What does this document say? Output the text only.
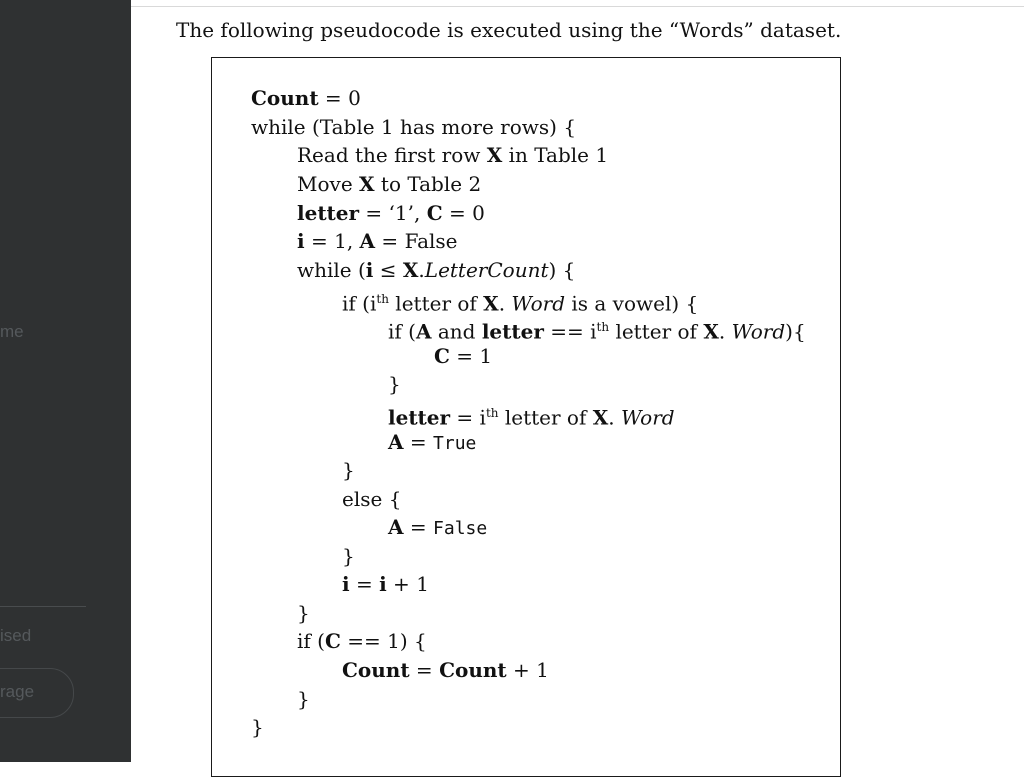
me
ised
rage
The following pseudocode is executed using the “Words” dataset.
Count = 0
while (Table 1 has more rows) {
Read the first row X in Table 1
Move X to Table 2
letter = ‘1’, C = 0
i = 1, A = False
while (i ≤ X.LetterCount) {
if ($i^{th}$ letter of X. Word is a vowel) {
if (A and letter == $i^{th}$ letter of X. Word){
C = 1
}
letter = $i^{th}$ letter of X. Word
A = True
}
else {
A = False
}
i = i + 1
}
if (C == 1) {
Count = Count + 1
}
}
